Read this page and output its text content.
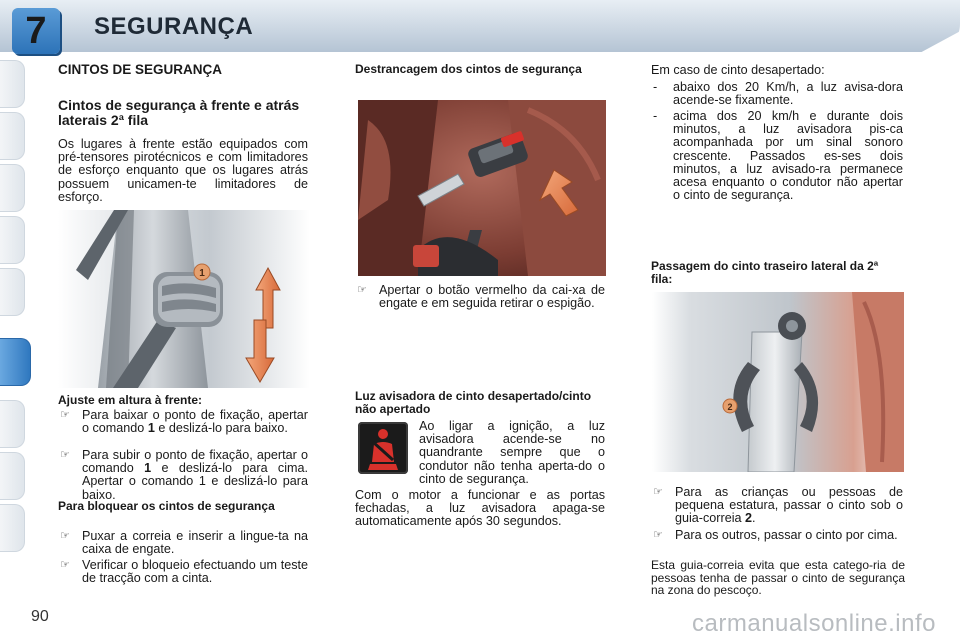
7	SEGURANÇA
CINTOS DE SEGURANÇA
Cintos de segurança à frente e atrás laterais 2ª fila
Os lugares à frente estão equipados com pré-tensores pirotécnicos e com limitadores de esforço enquanto que os lugares atrás possuem unicamen-te limitadores de esforço.
1
Ajuste em altura à frente:
☞ Para baixar o ponto de fixação, apertar o comando 1 e deslizá-lo para baixo.
☞ Para subir o ponto de fixação, apertar o comando 1 e deslizá-lo para cima. Apertar o comando 1 e deslizá-lo para baixo.
Para bloquear os cintos de segurança
☞ Puxar a correia e inserir a lingue-ta na caixa de engate.
☞ Verificar o bloqueio efectuando um teste de tracção com a cinta.
Destrancagem dos cintos de segurança
☞ Apertar o botão vermelho da cai-xa de engate e em seguida retirar o espigão.
Luz avisadora de cinto desapertado/cinto não apertado
Ao ligar a ignição, a luz avisadora acende-se no quandrante sempre que o condutor não tenha aperta-do o cinto de segurança.
Com o motor a funcionar e as portas fechadas, a luz avisadora apaga-se automaticamente após 30 segundos.
Em caso de cinto desapertado:
- abaixo dos 20 Km/h, a luz avisa-dora acende-se fixamente.
- acima dos 20 km/h e durante dois minutos, a luz avisadora pis-ca acompanhada por um sinal sonoro crescente. Passados es-ses dois minutos, a luz avisado-ra permanece acesa enquanto o condutor não apertar o cinto de segurança.
Passagem do cinto traseiro lateral da 2ª fila:
2
☞ Para as crianças ou pessoas de pequena estatura, passar o cinto sob o guia-correia 2.
☞ Para os outros, passar o cinto por cima.
Esta guia-correia evita que esta catego-ria de pessoas tenha de passar o cinto de segurança na zona do pescoço.
90	carmanualsonline.info
